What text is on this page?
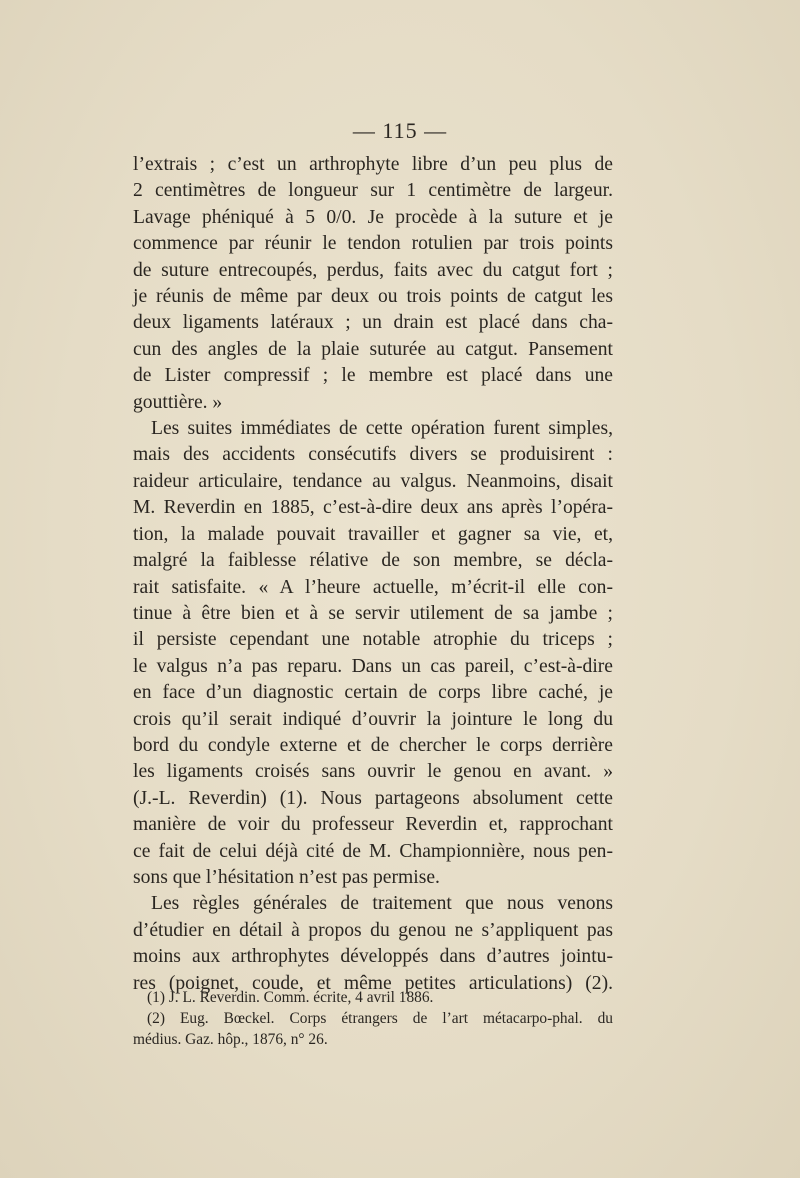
— 115 —
l’extrais ; c’est un arthrophyte libre d’un peu plus de
2 centimètres de longueur sur 1 centimètre de largeur.
Lavage phéniqué à 5 0/0. Je procède à la suture et je
commence par réunir le tendon rotulien par trois points
de suture entrecoupés, perdus, faits avec du catgut fort ;
je réunis de même par deux ou trois points de catgut les
deux ligaments latéraux ; un drain est placé dans cha-
cun des angles de la plaie suturée au catgut. Pansement
de Lister compressif ; le membre est placé dans une
gouttière. »
Les suites immédiates de cette opération furent simples,
mais des accidents consécutifs divers se produisirent :
raideur articulaire, tendance au valgus. Neanmoins, disait
M. Reverdin en 1885, c’est-à-dire deux ans après l’opéra-
tion, la malade pouvait travailler et gagner sa vie, et,
malgré la faiblesse rélative de son membre, se décla-
rait satisfaite. « A l’heure actuelle, m’écrit-il elle con-
tinue à être bien et à se servir utilement de sa jambe ;
il persiste cependant une notable atrophie du triceps ;
le valgus n’a pas reparu. Dans un cas pareil, c’est-à-dire
en face d’un diagnostic certain de corps libre caché, je
crois qu’il serait indiqué d’ouvrir la jointure le long du
bord du condyle externe et de chercher le corps derrière
les ligaments croisés sans ouvrir le genou en avant. »
(J.-L. Reverdin) (1). Nous partageons absolument cette
manière de voir du professeur Reverdin et, rapprochant
ce fait de celui déjà cité de M. Championnière, nous pen-
sons que l’hésitation n’est pas permise.
Les règles générales de traitement que nous venons
d’étudier en détail à propos du genou ne s’appliquent pas
moins aux arthrophytes développés dans d’autres jointu-
res (poignet, coude, et même petites articulations) (2).
(1) J. L. Reverdin. Comm. écrite, 4 avril 1886.
(2) Eug. Bœckel. Corps étrangers de l’art métacarpo-phal. du
médius. Gaz. hôp., 1876, n° 26.
